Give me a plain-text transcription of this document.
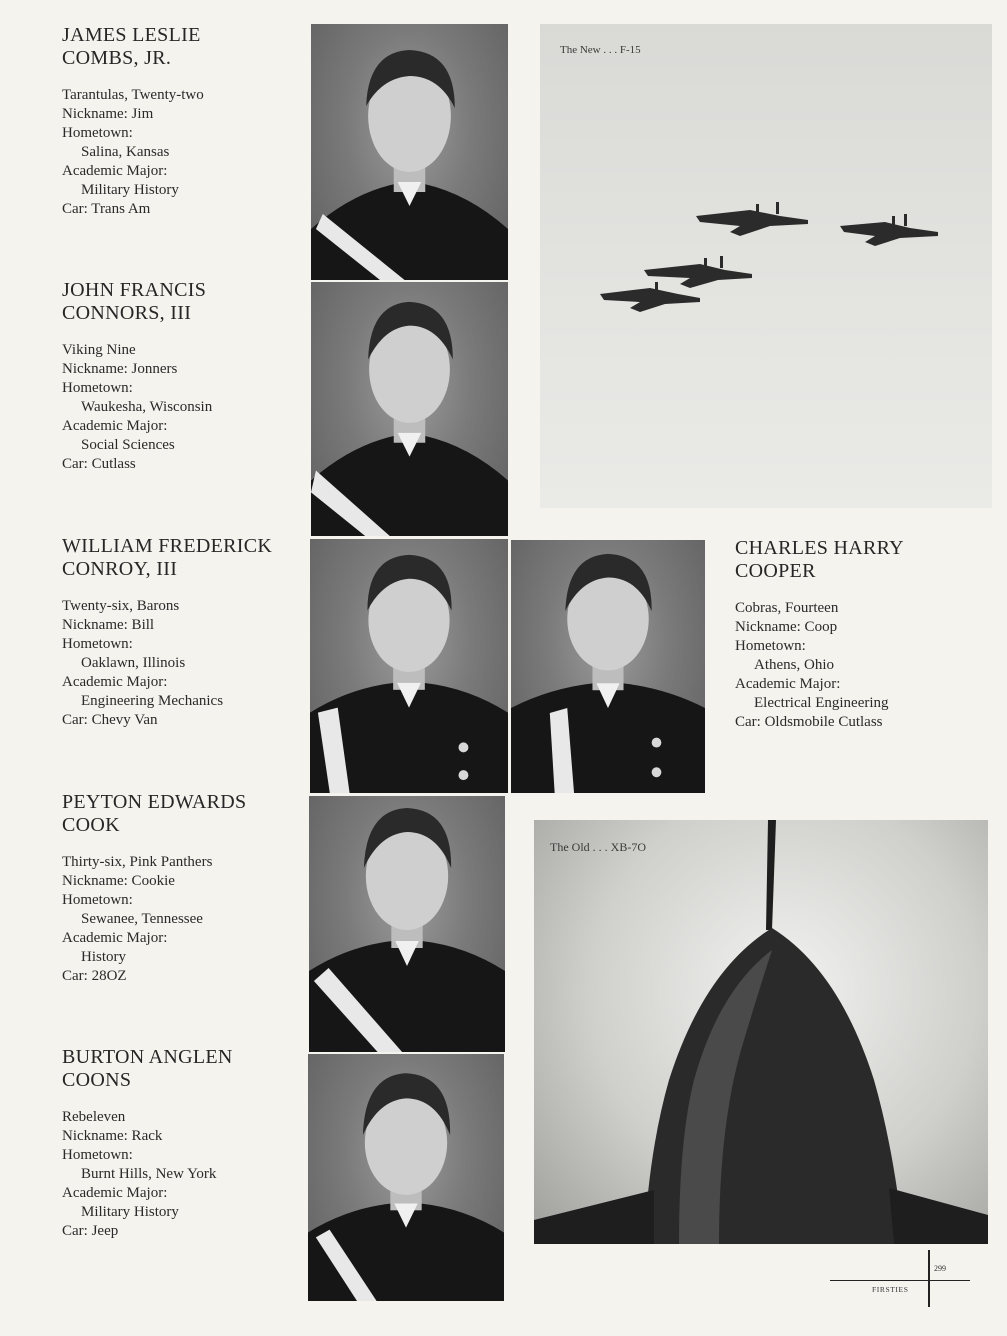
JAMES LESLIE
COMBS, JR.
Tarantulas, Twenty-two
Nickname: Jim
Hometown:
Salina, Kansas
Academic Major:
Military History
Car: Trans Am
JOHN FRANCIS
CONNORS, III
Viking Nine
Nickname: Jonners
Hometown:
Waukesha, Wisconsin
Academic Major:
Social Sciences
Car: Cutlass
WILLIAM FREDERICK
CONROY, III
Twenty-six, Barons
Nickname: Bill
Hometown:
Oaklawn, Illinois
Academic Major:
Engineering Mechanics
Car: Chevy Van
CHARLES HARRY
COOPER
Cobras, Fourteen
Nickname: Coop
Hometown:
Athens, Ohio
Academic Major:
Electrical Engineering
Car: Oldsmobile Cutlass
PEYTON EDWARDS
COOK
Thirty-six, Pink Panthers
Nickname: Cookie
Hometown:
Sewanee, Tennessee
Academic Major:
History
Car: 28OZ
BURTON ANGLEN
COONS
Rebeleven
Nickname: Rack
Hometown:
Burnt Hills, New York
Academic Major:
Military History
Car: Jeep
The New . . . F-15
The Old . . . XB-7O
299
FIRSTIES
